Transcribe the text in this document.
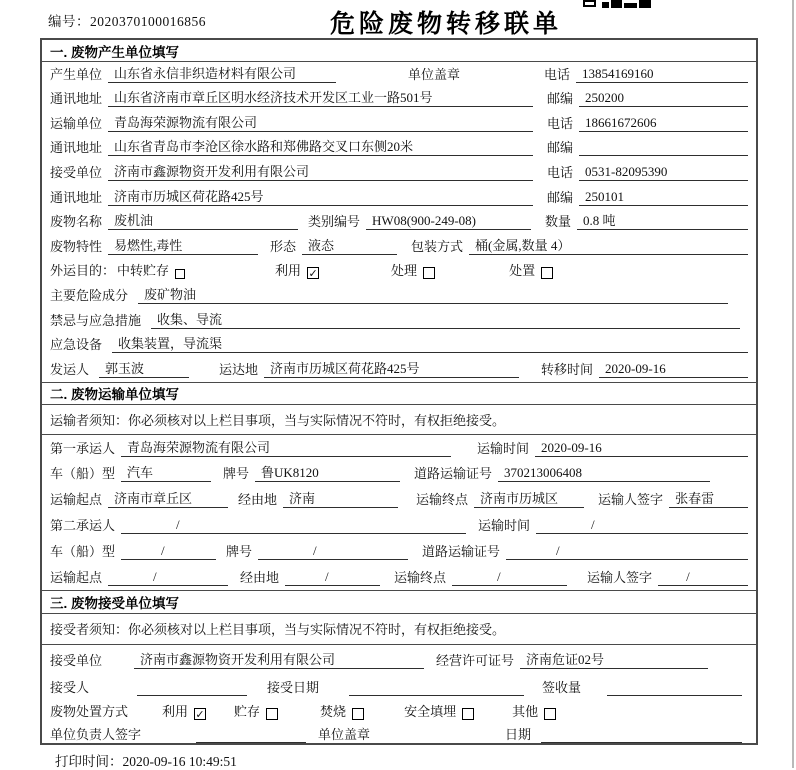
编号：2020370100016856	危险废物转移联单
一. 废物产生单位填写
产生单位 山东省永信非织造材料有限公司	单位盖章	电话 13854169160
通讯地址 山东省济南市章丘区明水经济技术开发区工业一路501号	邮编 250200
运输单位 青岛海荣源物流有限公司	电话 18661672606
通讯地址 山东省青岛市李沧区徐水路和郑佛路交叉口东侧20米	邮编
接受单位 济南市鑫源物资开发利用有限公司	电话 0531-82095390
通讯地址 济南市历城区荷花路425号	邮编 250101
废物名称 废机油	类别编号 HW08(900-249-08)	数量 0.8 吨
废物特性 易燃性,毒性	形态 液态	包装方式 桶(金属,数量 4）
外运目的： 中转贮存	利用 ✓	处理	处置
主要危险成分	废矿物油
禁忌与应急措施	收集、导流
应急设备	收集装置，导流渠
发运人	郭玉波	运达地 济南市历城区荷花路425号	转移时间 2020-09-16
二. 废物运输单位填写
运输者须知：你必须核对以上栏目事项，当与实际情况不符时，有权拒绝接受。
第一承运人 青岛海荣源物流有限公司	运输时间 2020-09-16
车（船）型 汽车	牌号 鲁UK8120	道路运输证号 370213006408
运输起点 济南市章丘区	经由地 济南	运输终点 济南市历城区	运输人签字 张春雷
第二承运人	/	运输时间	/
车（船）型	/	牌号	/	道路运输证号	/
运输起点	/	经由地	/	运输终点	/	运输人签字	/
三. 废物接受单位填写
接受者须知：你必须核对以上栏目事项，当与实际情况不符时，有权拒绝接受。
接受单位	济南市鑫源物资开发利用有限公司	经营许可证号 济南危证02号
接受人	接受日期	签收量
废物处置方式	利用 ✓ 贮存	焚烧	安全填埋	其他
单位负责人签字	单位盖章	日期
打印时间：2020-09-16 10:49:51
